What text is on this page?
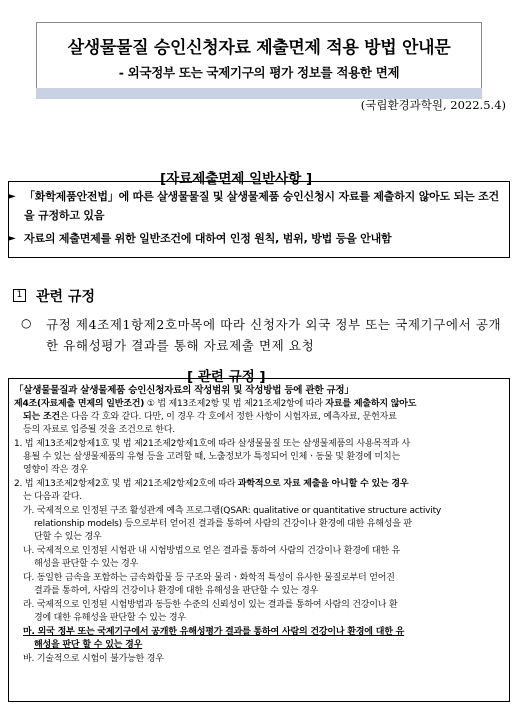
살생물물질 승인신청자료 제출면제 적용 방법 안내문
- 외국정부 또는 국제기구의 평가 정보를 적용한 면제
(국립환경과학원, 2022.5.4)
[자료제출면제 일반사항 ]
► 「화학제품안전법」에 따른 살생물물질 및 살생물제품 승인신청시 자료를 제출하지 않아도 되는 조건을 규정하고 있음
► 자료의 제출면제를 위한 일반조건에 대하여 인정 원칙, 범위, 방법 등을 안내함
1 관련 규정
○ 규정 제4조제1항제2호마목에 따라 신청자가 외국 정부 또는 국제기구에서 공개한 유해성평가 결과를 통해 자료제출 면제 요청
[ 관련 규정 ]
「살생물물질과 살생물제품 승인신청자료의 작성범위 및 작성방법 등에 관한 규정」
제4조(자료제출 면제의 일반조건) ① 법 제13조제2항 및 법 제21조제2항에 따라 자료를 제출하지 않아도
되는 조건은 다음 각 호와 같다. 다만, 이 경우 각 호에서 정한 사항이 시험자료, 예측자료, 문헌자료
등의 자료로 입증될 것을 조건으로 한다.
1. 법 제13조제2항제1호 및 법 제21조제2항제1호에 따라 살생물물질 또는 살생물제품의 사용목적과 사
용될 수 있는 살생물제품의 유형 등을 고려할 때, 노출정보가 특정되어 인체ㆍ동물 및 환경에 미치는
영향이 작은 경우
2. 법 제13조제2항제2호 및 법 제21조제2항제2호에 따라 과학적으로 자료 제출을 아니할 수 있는 경우
는 다음과 같다.
가. 국제적으로 인정된 구조 활성관계 예측 프로그램(QSAR: qualitative or quantitative structure activity
relationship models) 등으로부터 얻어진 결과를 통하여 사람의 건강이나 환경에 대한 유해성을 판
단할 수 있는 경우
나. 국제적으로 인정된 시험관 내 시험방법으로 얻은 결과를 통하여 사람의 건강이나 환경에 대한 유
해성을 판단할 수 있는 경우
다. 동일한 금속을 포함하는 금속화합물 등 구조와 물리ㆍ화학적 특성이 유사한 물질로부터 얻어진
결과를 통하여, 사람의 건강이나 환경에 대한 유해성을 판단할 수 있는 경우
라. 국제적으로 인정된 시험방법과 동등한 수준의 신뢰성이 있는 결과를 통하여 사람의 건강이나 환
경에 대한 유해성을 판단할 수 있는 경우
마. 외국 정부 또는 국제기구에서 공개한 유해성평가 결과를 통하여 사람의 건강이나 환경에 대한 유
해성을 판단 할 수 있는 경우
바. 기술적으로 시험이 불가능한 경우
